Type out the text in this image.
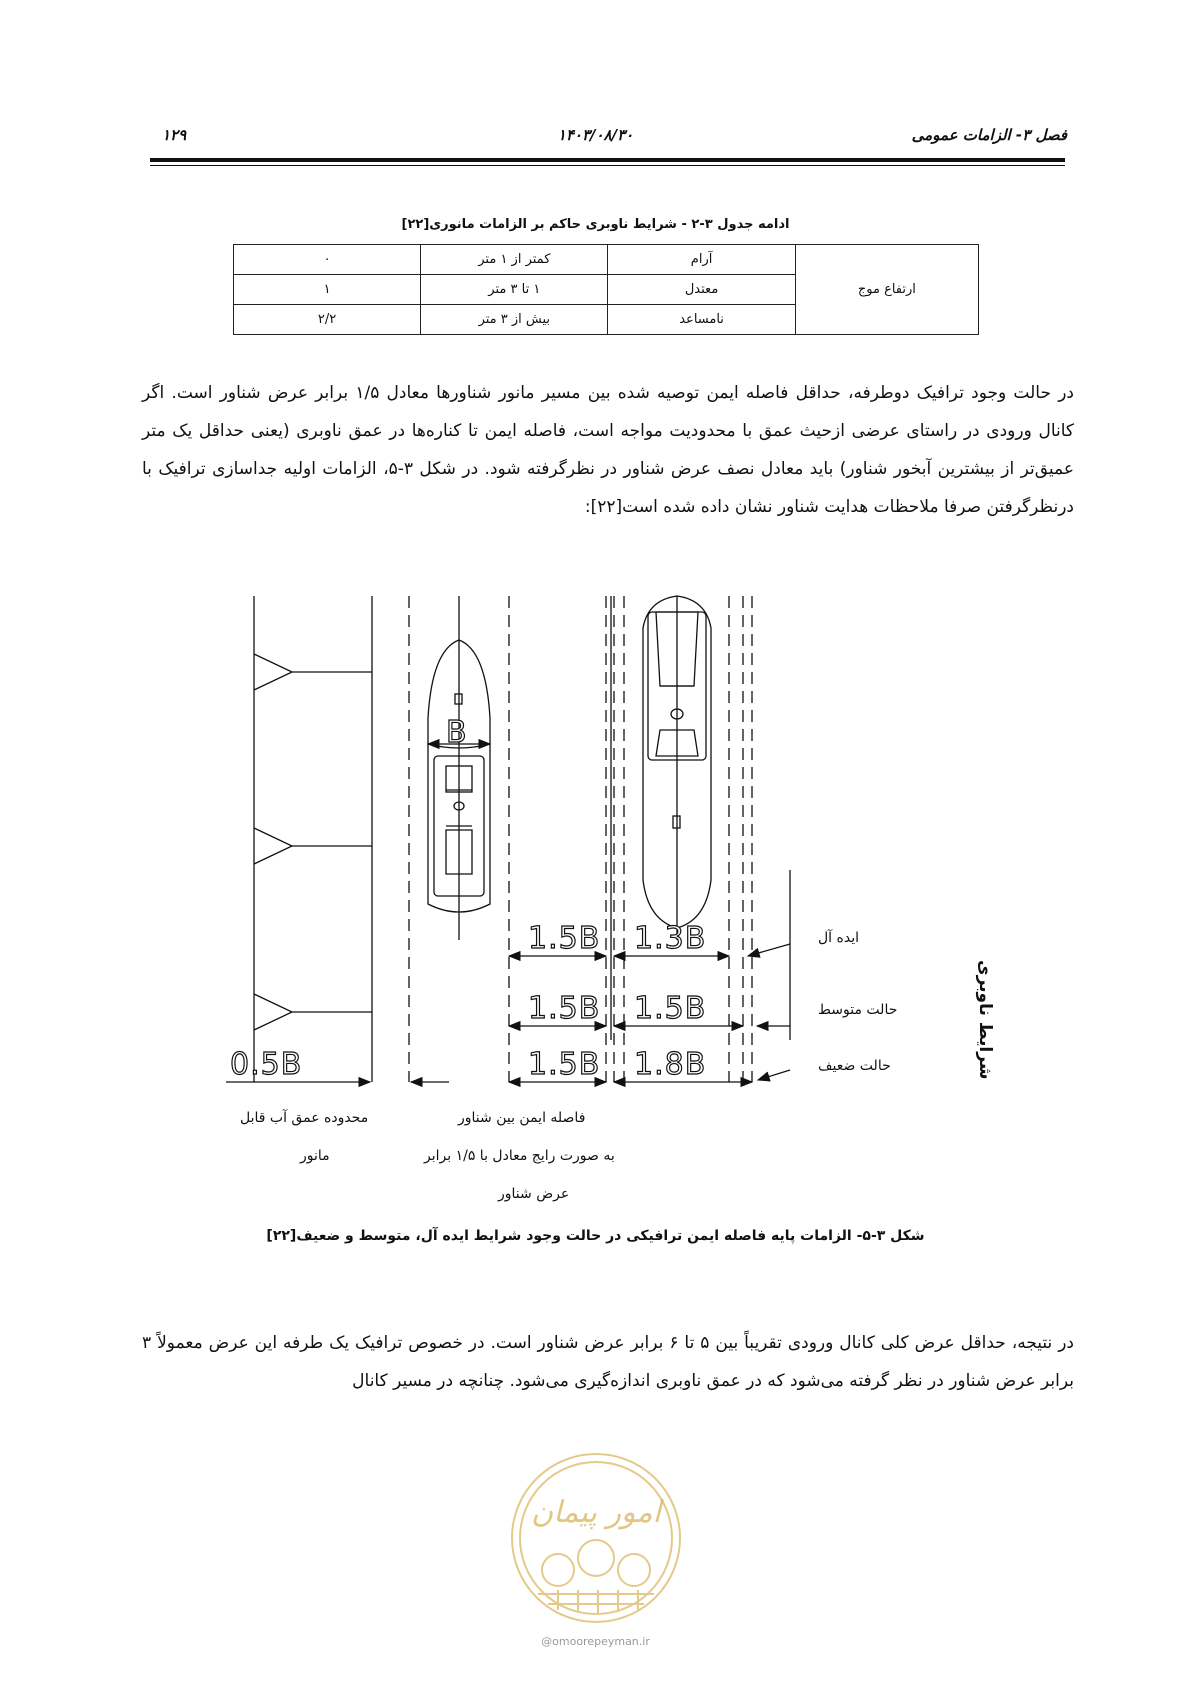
۱۲۹	۱۴۰۳/۰۸/۳۰	فصل ۳- الزامات عمومی
ادامه جدول ۳-۲ - شرایط ناوبری حاکم بر الزامات مانوری[۲۲]
ارتفاع موج	آرام	کمتر از ۱ متر	۰
	معتدل	۱ تا ۳ متر	۱
	نامساعد	بیش از ۳ متر	۲/۲
در حالت وجود ترافیک دوطرفه، حداقل فاصله ایمن توصیه شده بین مسیر مانور شناورها معادل ۱/۵ برابر عرض شناور است. اگر کانال ورودی در راستای عرضی ازحیث عمق با محدودیت مواجه است، فاصله ایمن تا کناره‌ها در عمق ناوبری (یعنی حداقل یک متر عمیق‌تر از بیشترین آبخور شناور) باید معادل نصف عرض شناور در نظرگرفته شود. در شکل ۳-۵، الزامات اولیه جداسازی ترافیک با درنظرگرفتن صرفا ملاحظات هدایت شناور نشان داده شده است[۲۲]:
B
1.5B 1.3B
1.5B 1.5B
1.5B 1.8B
0.5B
ایده آل
حالت متوسط
حالت ضعیف	شرایط ناوبری
محدوده عمق آب قابل
مانور
فاصله ایمن بین شناور
به صورت رایج معادل با ۱/۵ برابر
عرض شناور
شکل ۳-۵- الزامات پایه فاصله ایمن ترافیکی در حالت وجود شرایط ایده آل، متوسط و ضعیف[۲۲]
در نتیجه، حداقل عرض کلی کانال ورودی تقریباً بین ۵ تا ۶ برابر عرض شناور است. در خصوص ترافیک یک طرفه این عرض معمولاً ۳ برابر عرض شناور در نظر گرفته می‌شود که در عمق ناوبری اندازه‌گیری می‌شود. چنانچه در مسیر کانال
امور پیمان
@omoorepeyman.ir
